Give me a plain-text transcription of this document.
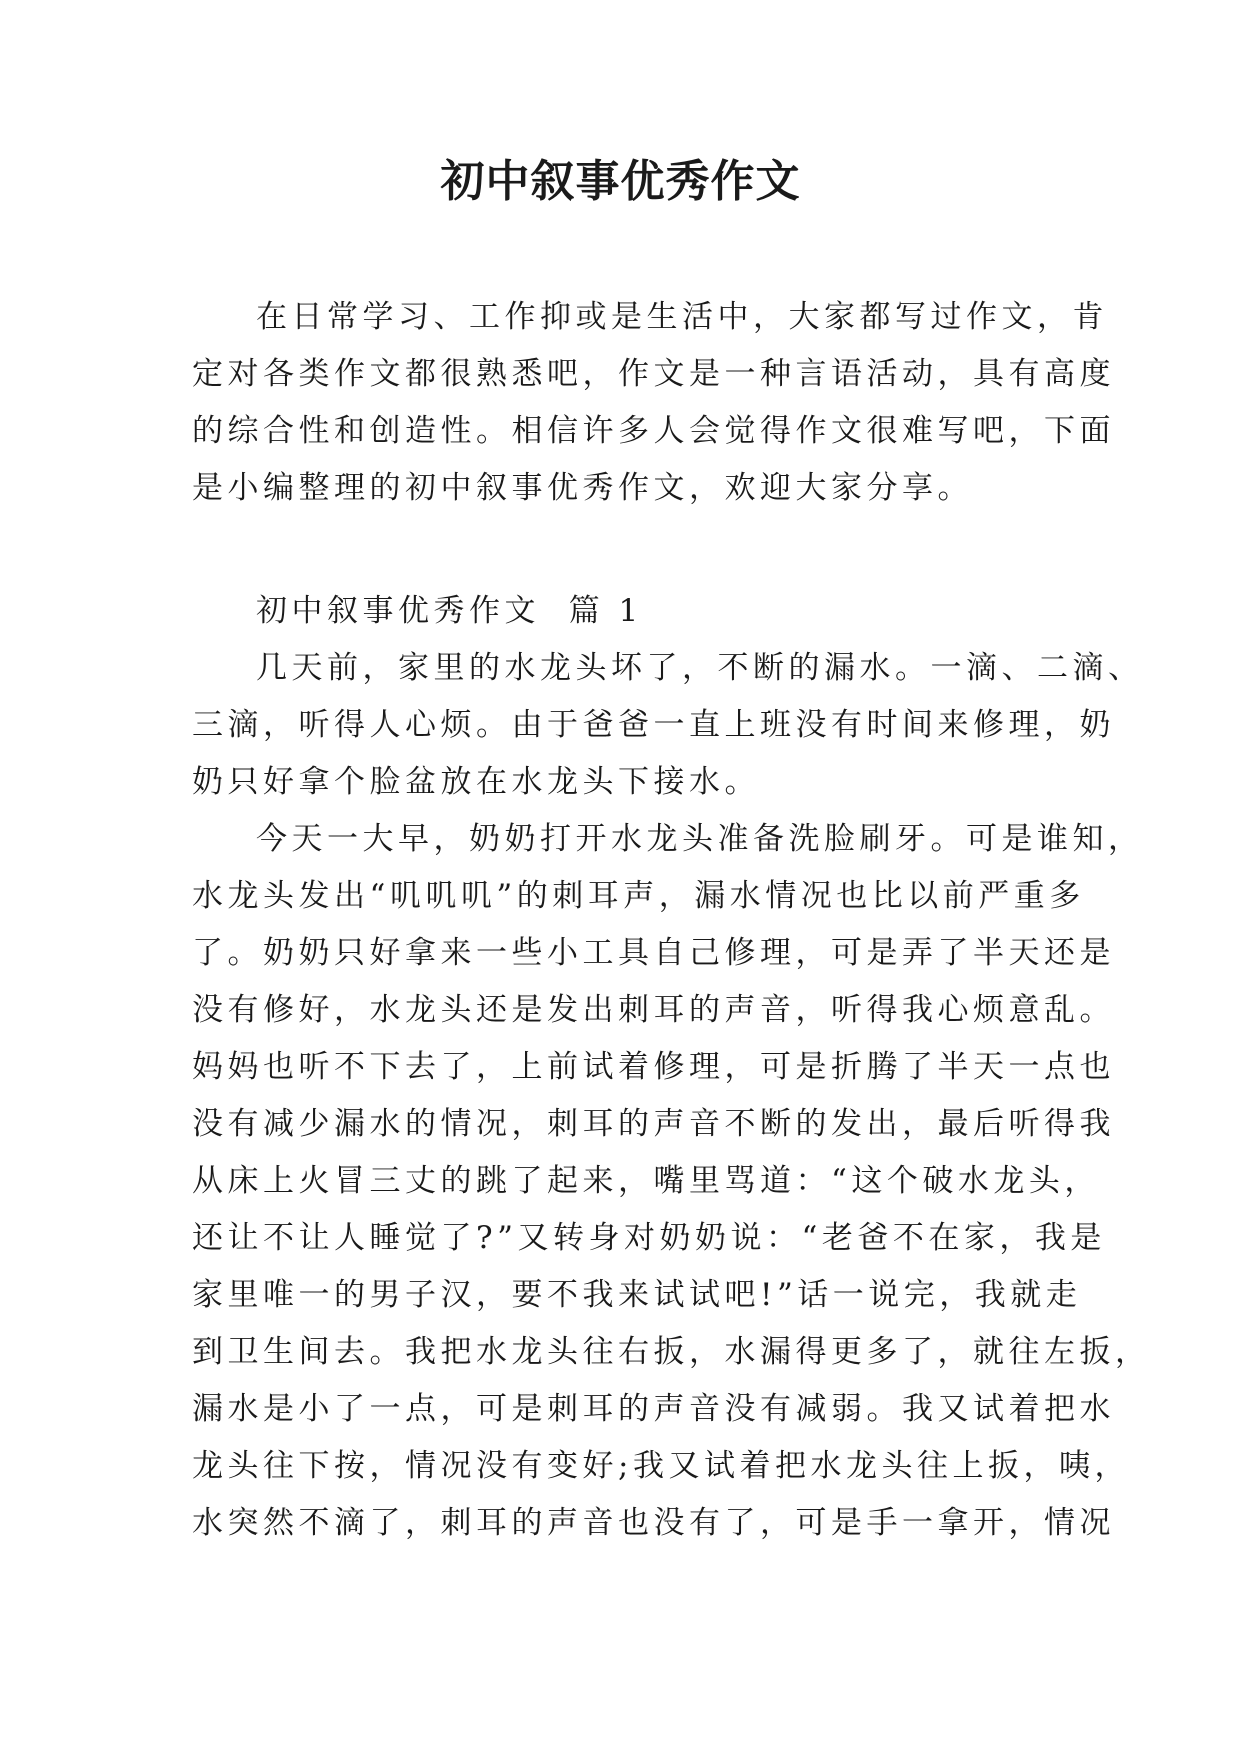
初中叙事优秀作文
在日常学习、工作抑或是生活中，大家都写过作文，肯
定对各类作文都很熟悉吧，作文是一种言语活动，具有高度
的综合性和创造性。相信许多人会觉得作文很难写吧，下面
是小编整理的初中叙事优秀作文，欢迎大家分享。
初中叙事优秀作文  篇 1
几天前，家里的水龙头坏了，不断的漏水。一滴、二滴、
三滴，听得人心烦。由于爸爸一直上班没有时间来修理，奶
奶只好拿个脸盆放在水龙头下接水。
今天一大早，奶奶打开水龙头准备洗脸刷牙。可是谁知，
水龙头发出“叽叽叽”的刺耳声，漏水情况也比以前严重多
了。奶奶只好拿来一些小工具自己修理，可是弄了半天还是
没有修好，水龙头还是发出刺耳的声音，听得我心烦意乱。
妈妈也听不下去了，上前试着修理，可是折腾了半天一点也
没有减少漏水的情况，刺耳的声音不断的发出，最后听得我
从床上火冒三丈的跳了起来，嘴里骂道：“这个破水龙头，
还让不让人睡觉了?”又转身对奶奶说：“老爸不在家，我是
家里唯一的男子汉，要不我来试试吧!”话一说完，我就走
到卫生间去。我把水龙头往右扳，水漏得更多了，就往左扳，
漏水是小了一点，可是刺耳的声音没有减弱。我又试着把水
龙头往下按，情况没有变好;我又试着把水龙头往上扳，咦，
水突然不滴了，刺耳的声音也没有了，可是手一拿开，情况
